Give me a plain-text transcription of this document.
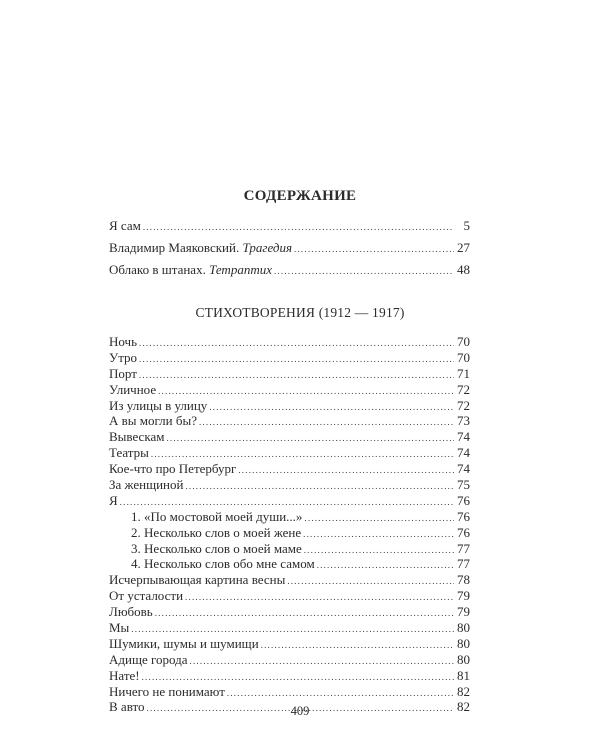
СОДЕРЖАНИЕ
Я сам .....	5
Владимир Маяковский. Трагедия .....	27
Облако в штанах. Тетраптих .....	48
СТИХОТВОРЕНИЯ (1912 — 1917)
Ночь .....	70
Утро .....	70
Порт .....	71
Уличное .....	72
Из улицы в улицу .....	72
А вы могли бы? .....	73
Вывескам .....	74
Театры .....	74
Кое-что про Петербург .....	74
За женщиной .....	75
Я .....	76
1. «По мостовой моей души...» .....	76
2. Несколько слов о моей жене .....	76
3. Несколько слов о моей маме .....	77
4. Несколько слов обо мне самом .....	77
Исчерпывающая картина весны .....	78
От усталости .....	79
Любовь .....	79
Мы .....	80
Шумики, шумы и шумищи .....	80
Адище города .....	80
Нате! .....	81
Ничего не понимают .....	82
В авто .....	82
409
